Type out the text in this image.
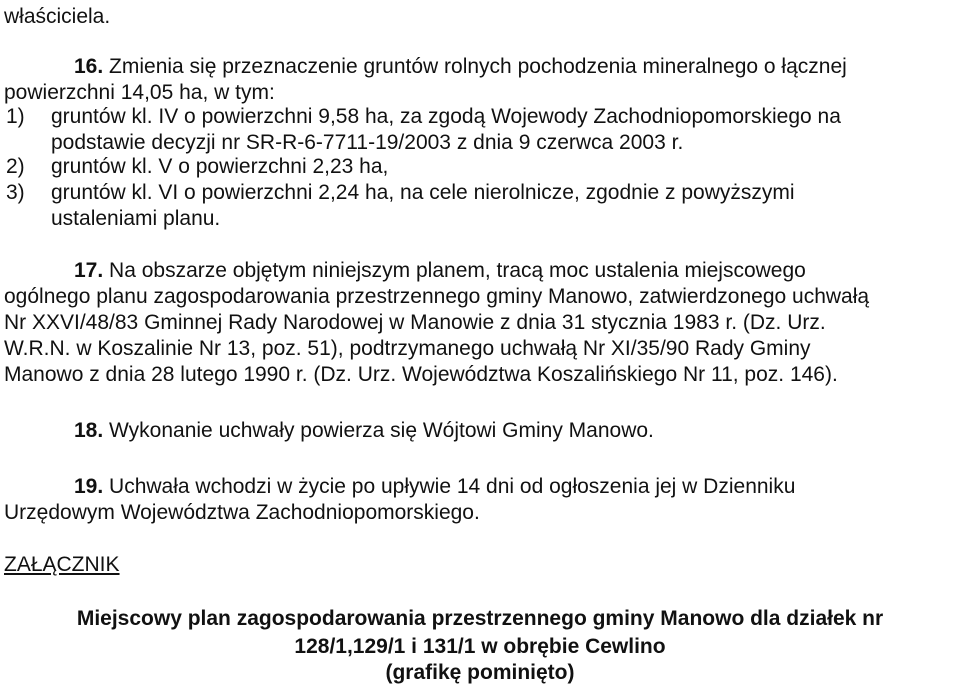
właściciela.
16. Zmienia się przeznaczenie gruntów rolnych pochodzenia mineralnego o łącznej
powierzchni 14,05 ha, w tym:
1) gruntów kl. IV o powierzchni 9,58 ha, za zgodą Wojewody Zachodniopomorskiego na
podstawie decyzji nr SR-R-6-7711-19/2003 z dnia 9 czerwca 2003 r.
2) gruntów kl. V o powierzchni 2,23 ha,
3) gruntów kl. VI o powierzchni 2,24 ha, na cele nierolnicze, zgodnie z powyższymi
ustaleniami planu.
17. Na obszarze objętym niniejszym planem, tracą moc ustalenia miejscowego
ogólnego planu zagospodarowania przestrzennego gminy Manowo, zatwierdzonego uchwałą
Nr XXVI/48/83 Gminnej Rady Narodowej w Manowie z dnia 31 stycznia 1983 r. (Dz. Urz.
W.R.N. w Koszalinie Nr 13, poz. 51), podtrzymanego uchwałą Nr XI/35/90 Rady Gminy
Manowo z dnia 28 lutego 1990 r. (Dz. Urz. Województwa Koszalińskiego Nr 11, poz. 146).
18. Wykonanie uchwały powierza się Wójtowi Gminy Manowo.
19. Uchwała wchodzi w życie po upływie 14 dni od ogłoszenia jej w Dzienniku
Urzędowym Województwa Zachodniopomorskiego.
ZAŁĄCZNIK
Miejscowy plan zagospodarowania przestrzennego gminy Manowo dla działek nr
128/1,129/1 i 131/1 w obrębie Cewlino
(grafikę pominięto)
